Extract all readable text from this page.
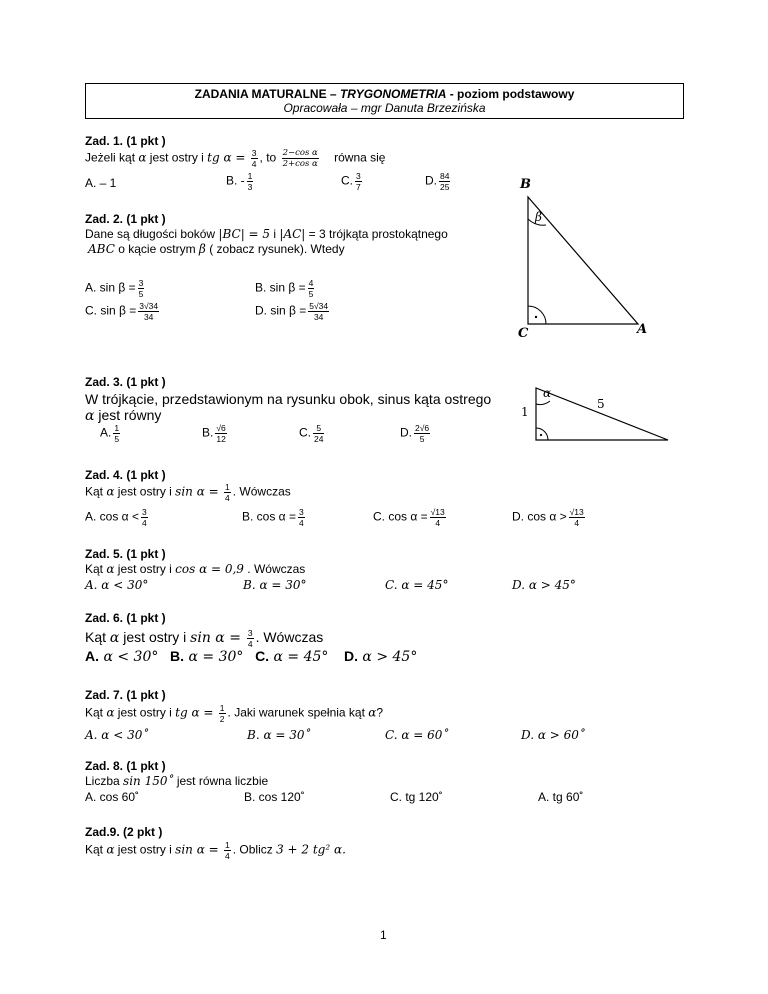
ZADANIA MATURALNE – TRYGONOMETRIA - poziom podstawowy
Opracowała – mgr Danuta Brzezińska
Zad. 1. (1 pkt )
Jeżeli kąt α jest ostry i tg $\alpha = \frac{3}{4}$ , to $\frac{\text{2−cos α}}{\text{2+cos α}}$ równa się
A. – 1	B. - $\frac{1}{3}$	C. $\frac{3}{7}$	D. $\frac{84}{25}$
Zad. 2. (1 pkt )
Dane są długości boków |BC| = 5 i |AC| = 3 trójkąta prostokątnego
ABC o kącie ostrym β ( zobacz rysunek). Wtedy
A. $\sin \beta = \frac{3}{5}$	B. $\sin \beta = \frac{4}{5}$
C. $\sin \beta = \frac{3√34}{34}$	D. $\sin \beta = \frac{5√34}{34}$
B
C	A
β
Zad. 3. (1 pkt )
W trójkącie, przedstawionym na rysunku obok, sinus kąta ostrego
α jest równy
A. $\frac{1}{5}$	B. $\frac{√6}{12}$	C. $\frac{5}{24}$	D. $\frac{2√6}{5}$
α
5
1
Zad. 4. (1 pkt )
Kąt α jest ostry i $\sin \alpha = \frac{1}{4}$ . Wówczas
A. $\cos \alpha < \frac{3}{4}$	B. $\cos \alpha = \frac{3}{4}$	C. $\cos \alpha = \frac{√13}{4}$	D. $\cos \alpha > \frac{√13}{4}$
Zad. 5. (1 pkt )
Kąt α jest ostry i cos α = 0,9 . Wówczas
A. α < 30°	B. α = 30°	C. α = 45°	D. α > 45°
Zad. 6. (1 pkt )
Kąt α jest ostry i $\sin \alpha = \frac{3}{4}$ . Wówczas
A. α < 30° B. α = 30° C. α = 45° D. α > 45°
Zad. 7. (1 pkt )
Kąt α jest ostry i tg $\alpha = \frac{1}{2}$ . Jaki warunek spełnia kąt α?
A. α < 30˚	B. α = 30˚	C. α = 60˚	D. α > 60˚
Zad. 8. (1 pkt )
Liczba sin 150˚ jest równa liczbie
A. cos 60˚	B. cos 120˚	C. tg 120˚	A. tg 60˚
Zad.9. (2 pkt )
Kąt α jest ostry i $\sin \alpha = \frac{1}{4}$ . Oblicz 3 + 2 tg² α.
1
